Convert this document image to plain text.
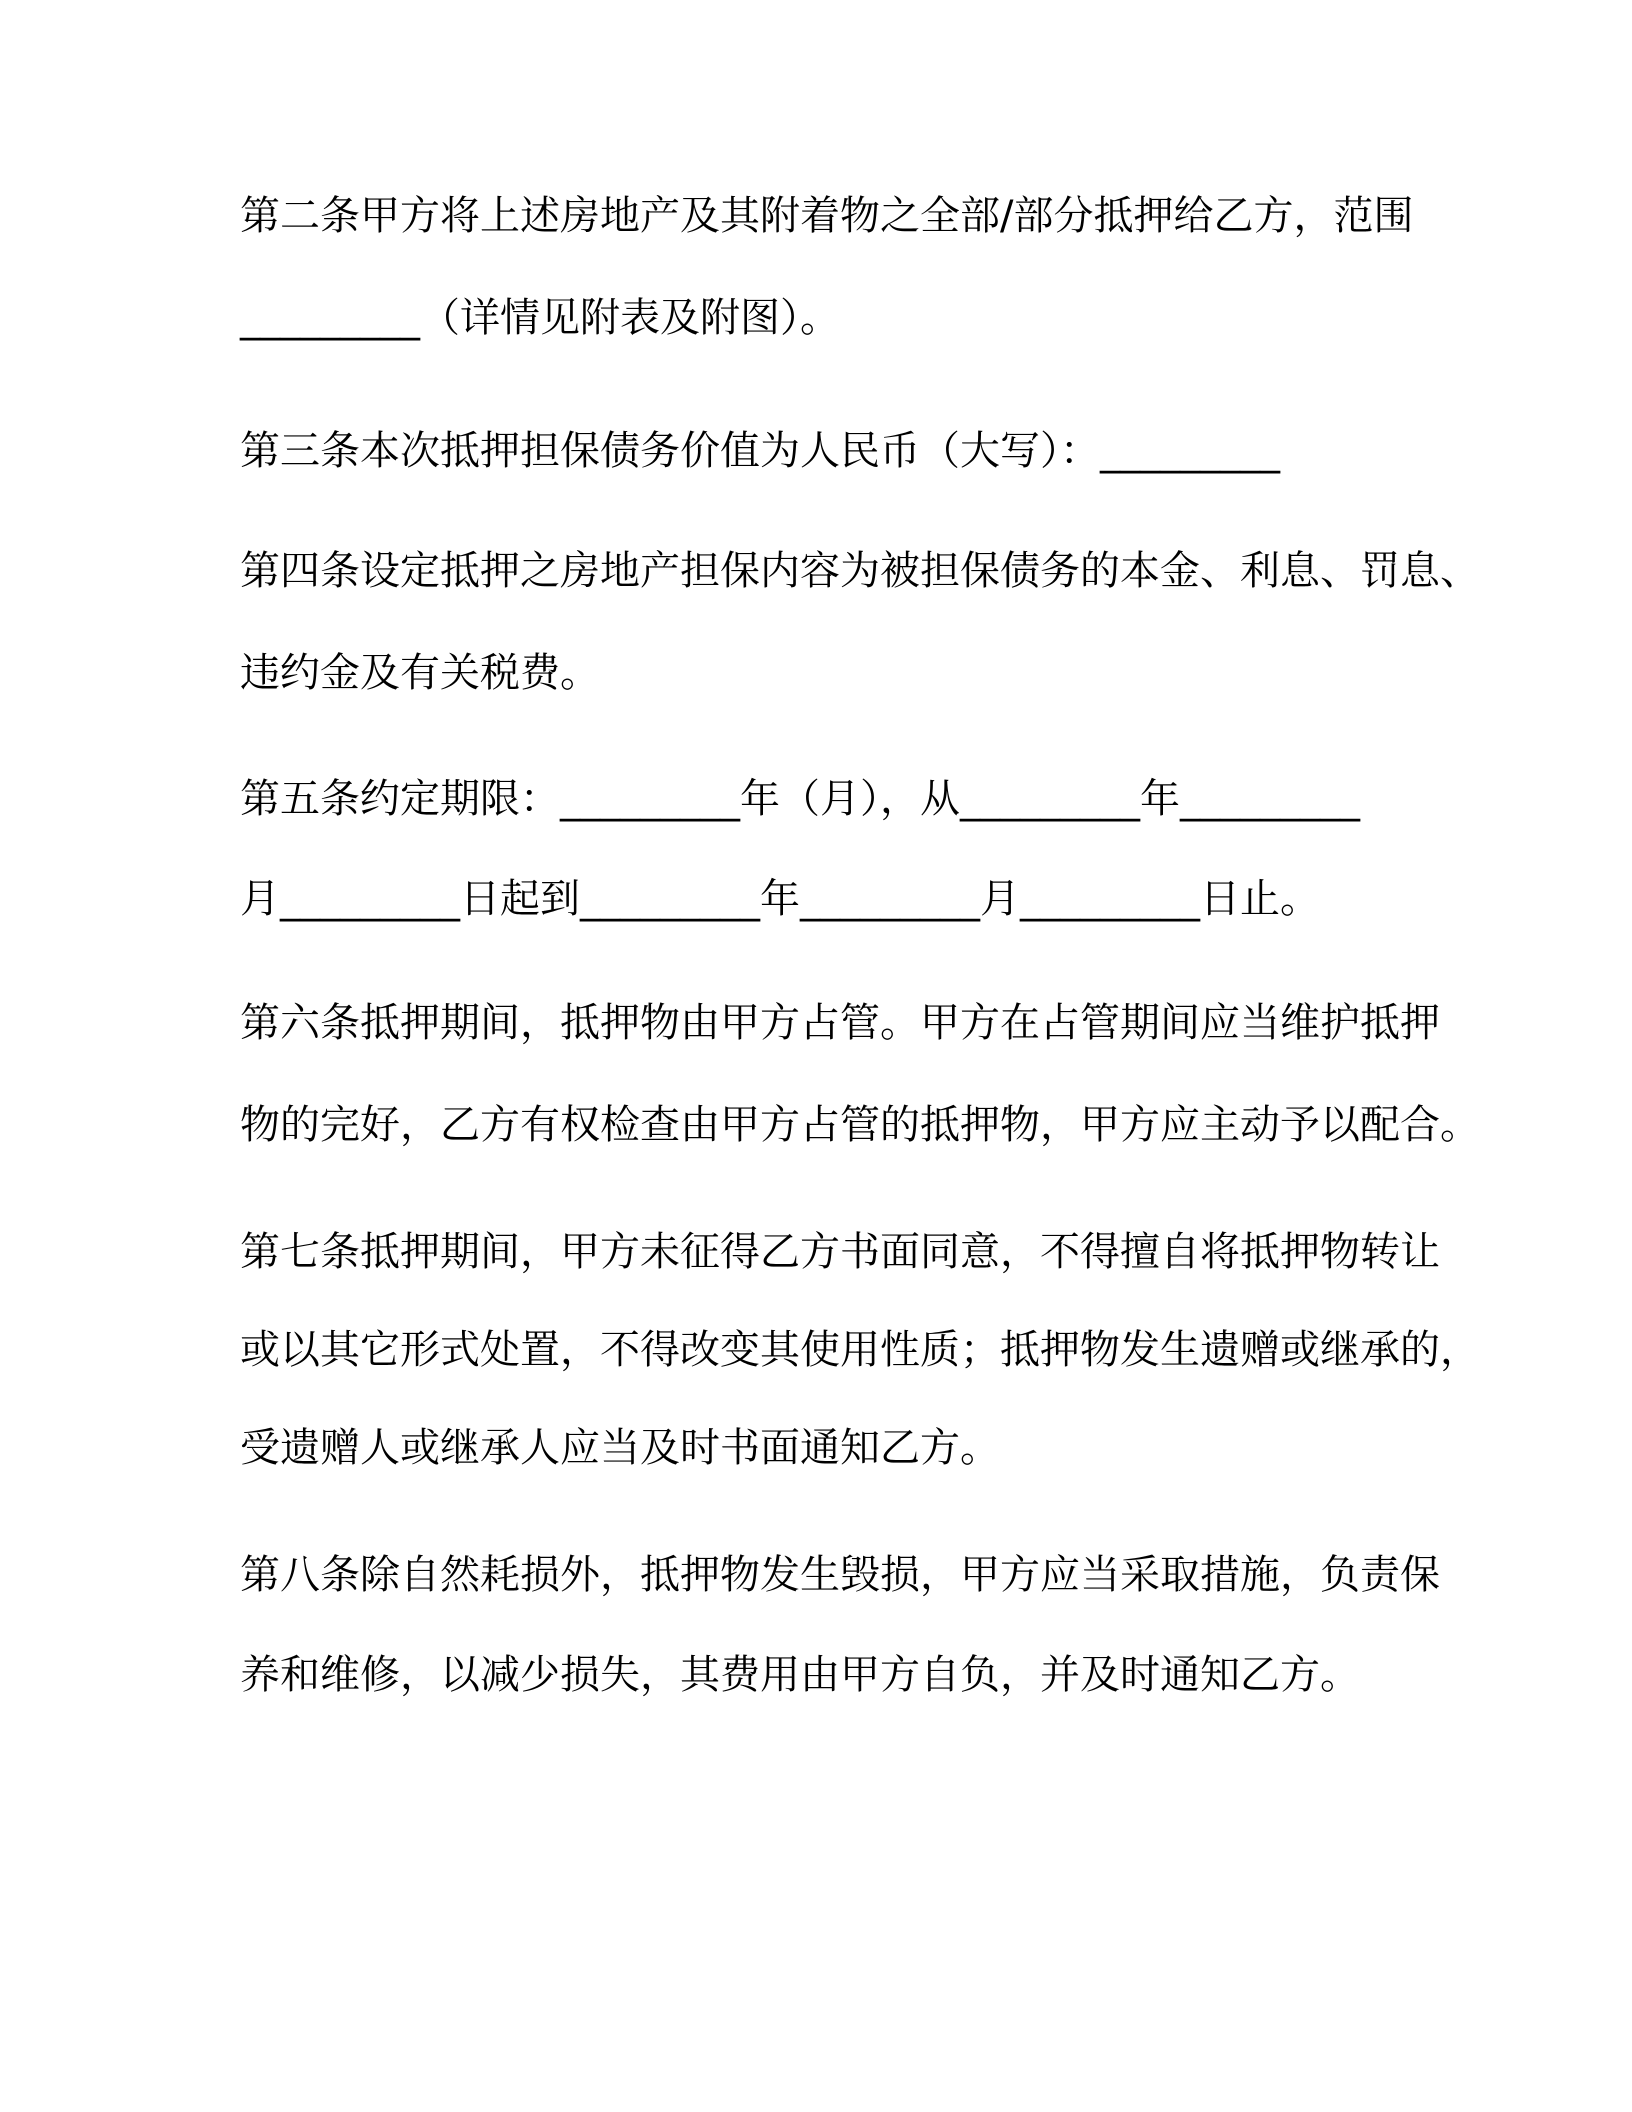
第二条甲方将上述房地产及其附着物之全部/部分抵押给乙方，范围

_________（详情见附表及附图）。

第三条本次抵押担保债务价值为人民币（大写）：_________

第四条设定抵押之房地产担保内容为被担保债务的本金、利息、罚息、

违约金及有关税费。

第五条约定期限：_________年（月），从_________年_________

月_________日起到_________年_________月_________日止。

第六条抵押期间，抵押物由甲方占管。甲方在占管期间应当维护抵押

物的完好，乙方有权检查由甲方占管的抵押物，甲方应主动予以配合。

第七条抵押期间，甲方未征得乙方书面同意，不得擅自将抵押物转让

或以其它形式处置，不得改变其使用性质；抵押物发生遗赠或继承的，

受遗赠人或继承人应当及时书面通知乙方。

第八条除自然耗损外，抵押物发生毁损，甲方应当采取措施，负责保

养和维修，以减少损失，其费用由甲方自负，并及时通知乙方。
